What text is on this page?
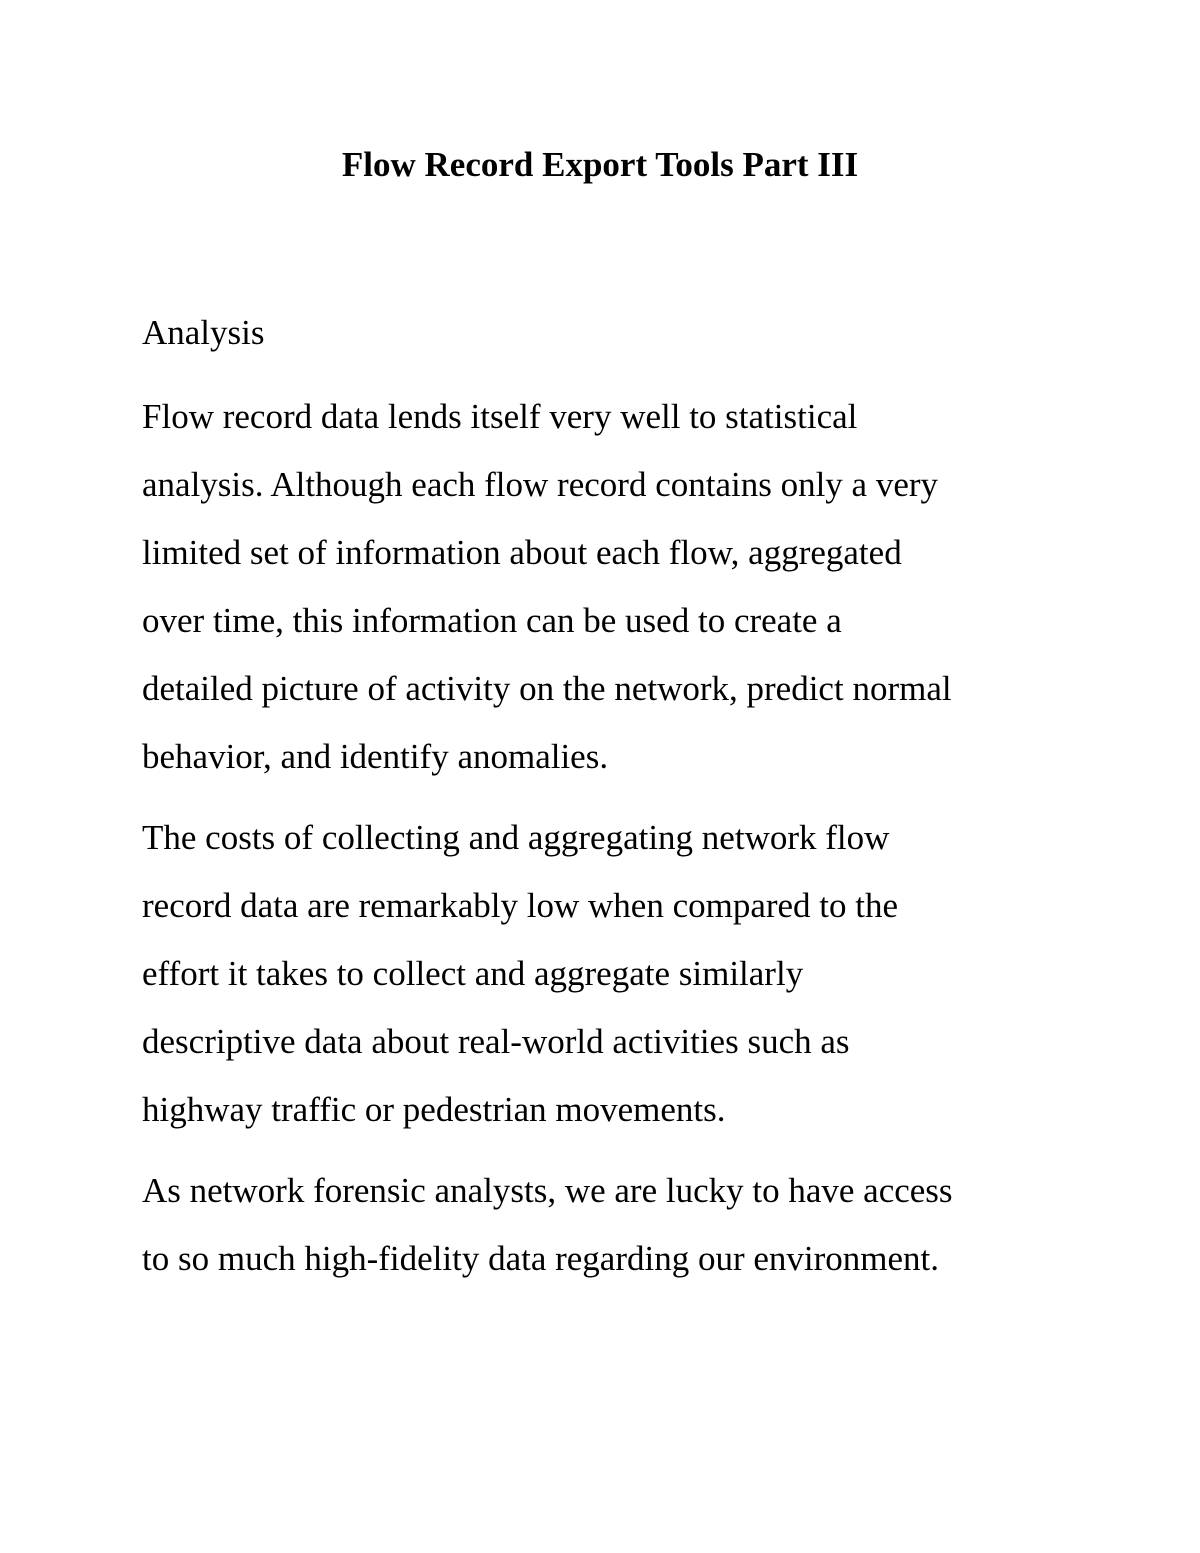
Flow Record Export Tools Part III
Analysis

Flow record data lends itself very well to statistical

analysis. Although each flow record contains only a very

limited set of information about each flow, aggregated

over time, this information can be used to create a

detailed picture of activity on the network, predict normal

behavior, and identify anomalies.

The costs of collecting and aggregating network flow

record data are remarkably low when compared to the

effort it takes to collect and aggregate similarly

descriptive data about real-world activities such as

highway traffic or pedestrian movements.

As network forensic analysts, we are lucky to have access

to so much high-fidelity data regarding our environment.
